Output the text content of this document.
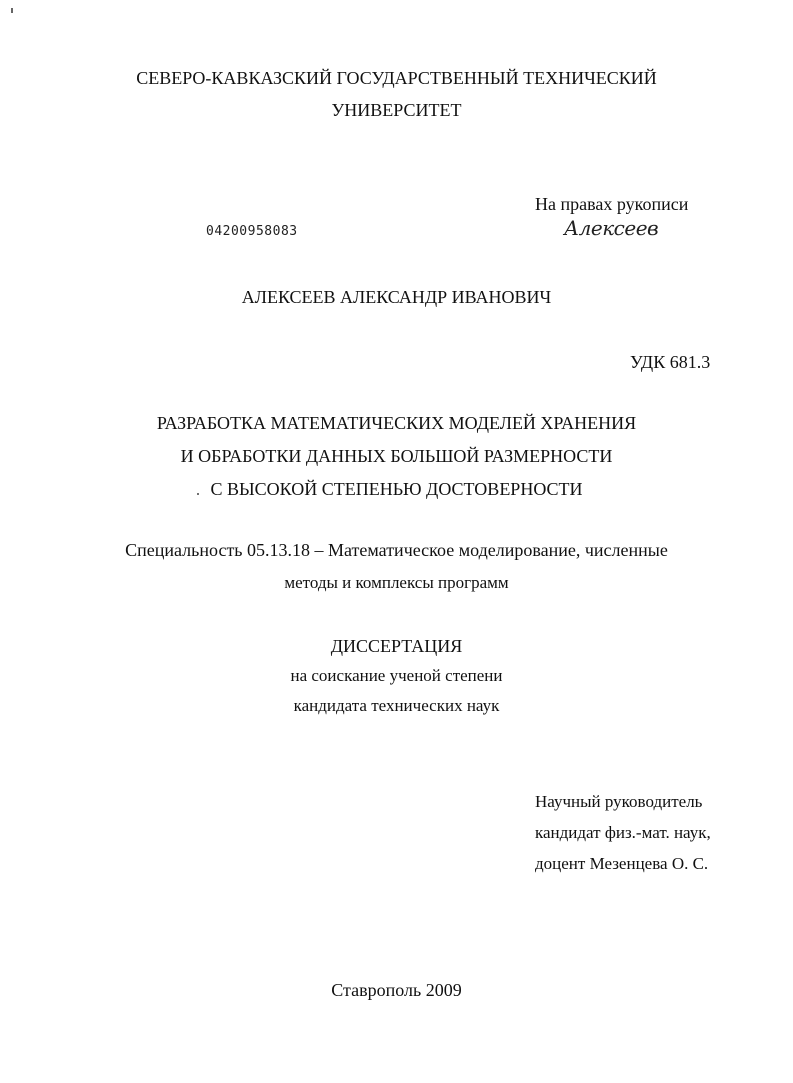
СЕВЕРО-КАВКАЗСКИЙ ГОСУДАРСТВЕННЫЙ ТЕХНИЧЕСКИЙ
УНИВЕРСИТЕТ
На правах рукописи
Алексеев
04200958083
АЛЕКСЕЕВ АЛЕКСАНДР ИВАНОВИЧ
УДК 681.3
РАЗРАБОТКА МАТЕМАТИЧЕСКИХ МОДЕЛЕЙ ХРАНЕНИЯ
И ОБРАБОТКИ ДАННЫХ БОЛЬШОЙ РАЗМЕРНОСТИ
С ВЫСОКОЙ СТЕПЕНЬЮ ДОСТОВЕРНОСТИ
Специальность 05.13.18 – Математическое моделирование, численные
методы и комплексы программ
ДИССЕРТАЦИЯ
на соискание ученой степени
кандидата технических наук
Научный руководитель
кандидат физ.-мат. наук,
доцент Мезенцева О. С.
Ставрополь 2009
